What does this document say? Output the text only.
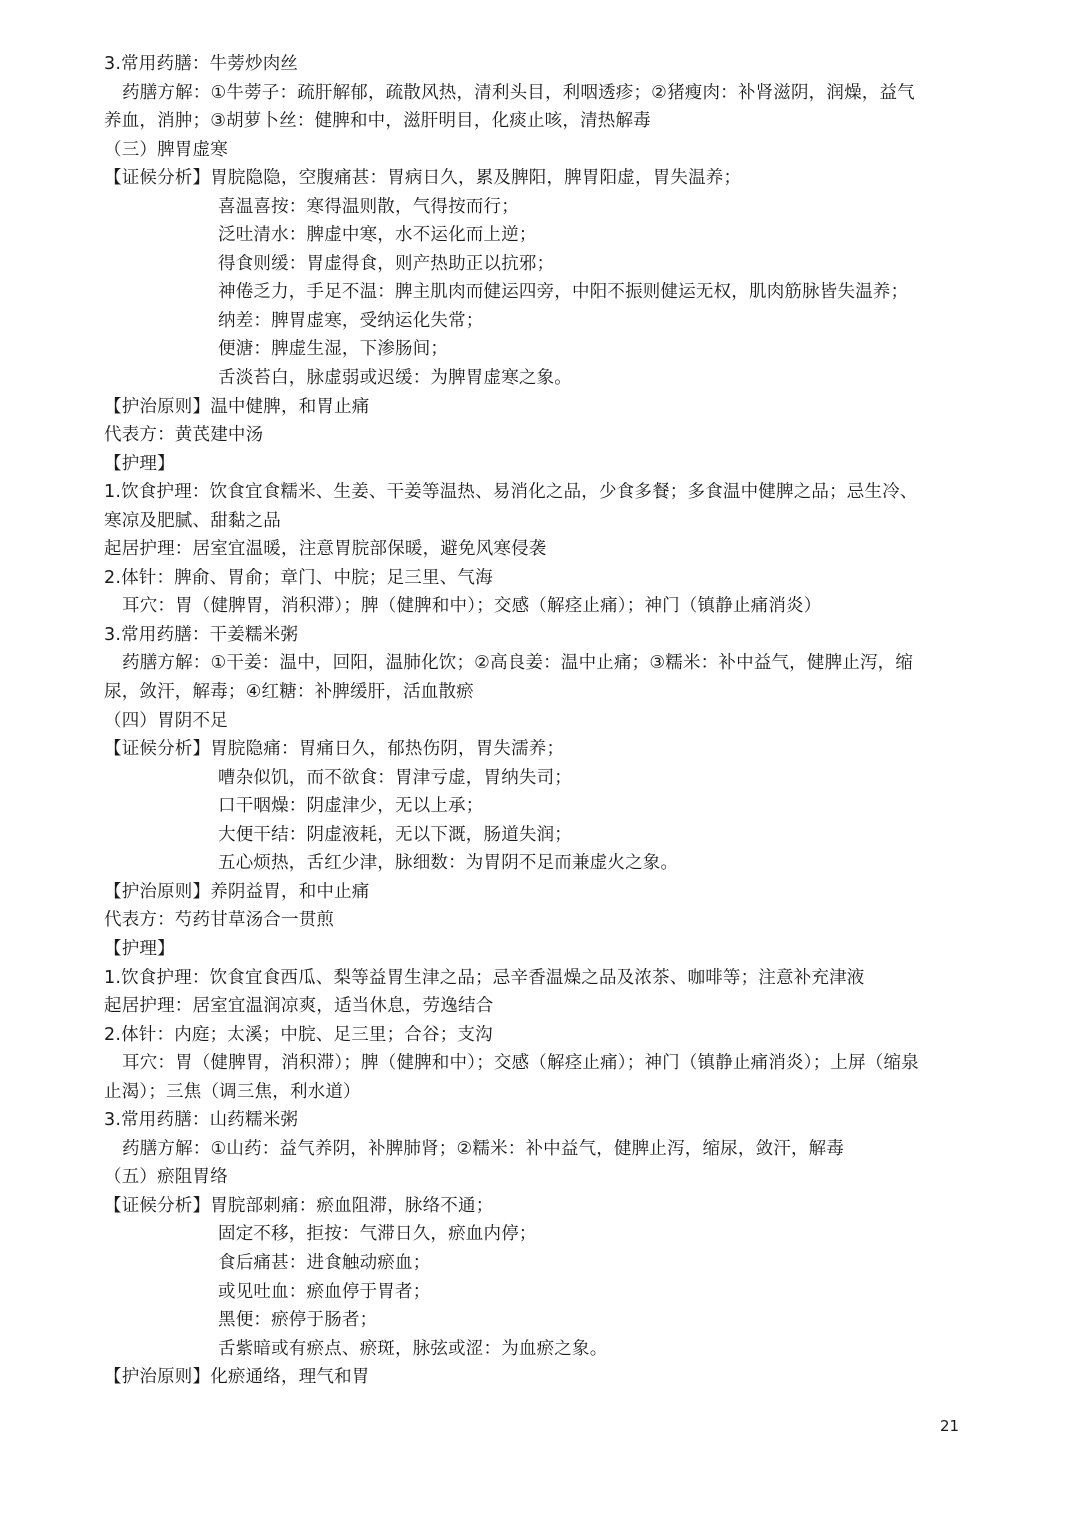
3.常用药膳：牛蒡炒肉丝
药膳方解：①牛蒡子：疏肝解郁，疏散风热，清利头目，利咽透疹；②猪瘦肉：补肾滋阴，润燥，益气
养血，消肿；③胡萝卜丝：健脾和中，滋肝明目，化痰止咳，清热解毒
（三）脾胃虚寒
【证候分析】胃脘隐隐，空腹痛甚：胃病日久，累及脾阳，脾胃阳虚，胃失温养；
喜温喜按：寒得温则散，气得按而行；
泛吐清水：脾虚中寒，水不运化而上逆；
得食则缓：胃虚得食，则产热助正以抗邪；
神倦乏力，手足不温：脾主肌肉而健运四旁，中阳不振则健运无权，肌肉筋脉皆失温养；
纳差：脾胃虚寒，受纳运化失常；
便溏：脾虚生湿，下渗肠间；
舌淡苔白，脉虚弱或迟缓：为脾胃虚寒之象。
【护治原则】温中健脾，和胃止痛
代表方：黄芪建中汤
【护理】
1.饮食护理：饮食宜食糯米、生姜、干姜等温热、易消化之品，少食多餐；多食温中健脾之品；忌生冷、
寒凉及肥腻、甜黏之品
起居护理：居室宜温暖，注意胃脘部保暖，避免风寒侵袭
2.体针：脾俞、胃俞；章门、中脘；足三里、气海
耳穴：胃（健脾胃，消积滞）；脾（健脾和中）；交感（解痉止痛）；神门（镇静止痛消炎）
3.常用药膳：干姜糯米粥
药膳方解：①干姜：温中，回阳，温肺化饮；②高良姜：温中止痛；③糯米：补中益气，健脾止泻，缩
尿，敛汗，解毒；④红糖：补脾缓肝，活血散瘀
（四）胃阴不足
【证候分析】胃脘隐痛：胃痛日久，郁热伤阴，胃失濡养；
嘈杂似饥，而不欲食：胃津亏虚，胃纳失司；
口干咽燥：阴虚津少，无以上承；
大便干结：阴虚液耗，无以下溉，肠道失润；
五心烦热，舌红少津，脉细数：为胃阴不足而兼虚火之象。
【护治原则】养阴益胃，和中止痛
代表方：芍药甘草汤合一贯煎
【护理】
1.饮食护理：饮食宜食西瓜、梨等益胃生津之品；忌辛香温燥之品及浓茶、咖啡等；注意补充津液
起居护理：居室宜温润凉爽，适当休息，劳逸结合
2.体针：内庭；太溪；中脘、足三里；合谷；支沟
耳穴：胃（健脾胃，消积滞）；脾（健脾和中）；交感（解痉止痛）；神门（镇静止痛消炎）；上屏（缩泉
止渴）；三焦（调三焦，利水道）
3.常用药膳：山药糯米粥
药膳方解：①山药：益气养阴，补脾肺肾；②糯米：补中益气，健脾止泻，缩尿，敛汗，解毒
（五）瘀阻胃络
【证候分析】胃脘部刺痛：瘀血阻滞，脉络不通；
固定不移，拒按：气滞日久，瘀血内停；
食后痛甚：进食触动瘀血；
或见吐血：瘀血停于胃者；
黑便：瘀停于肠者；
舌紫暗或有瘀点、瘀斑，脉弦或涩：为血瘀之象。
【护治原则】化瘀通络，理气和胃
21
